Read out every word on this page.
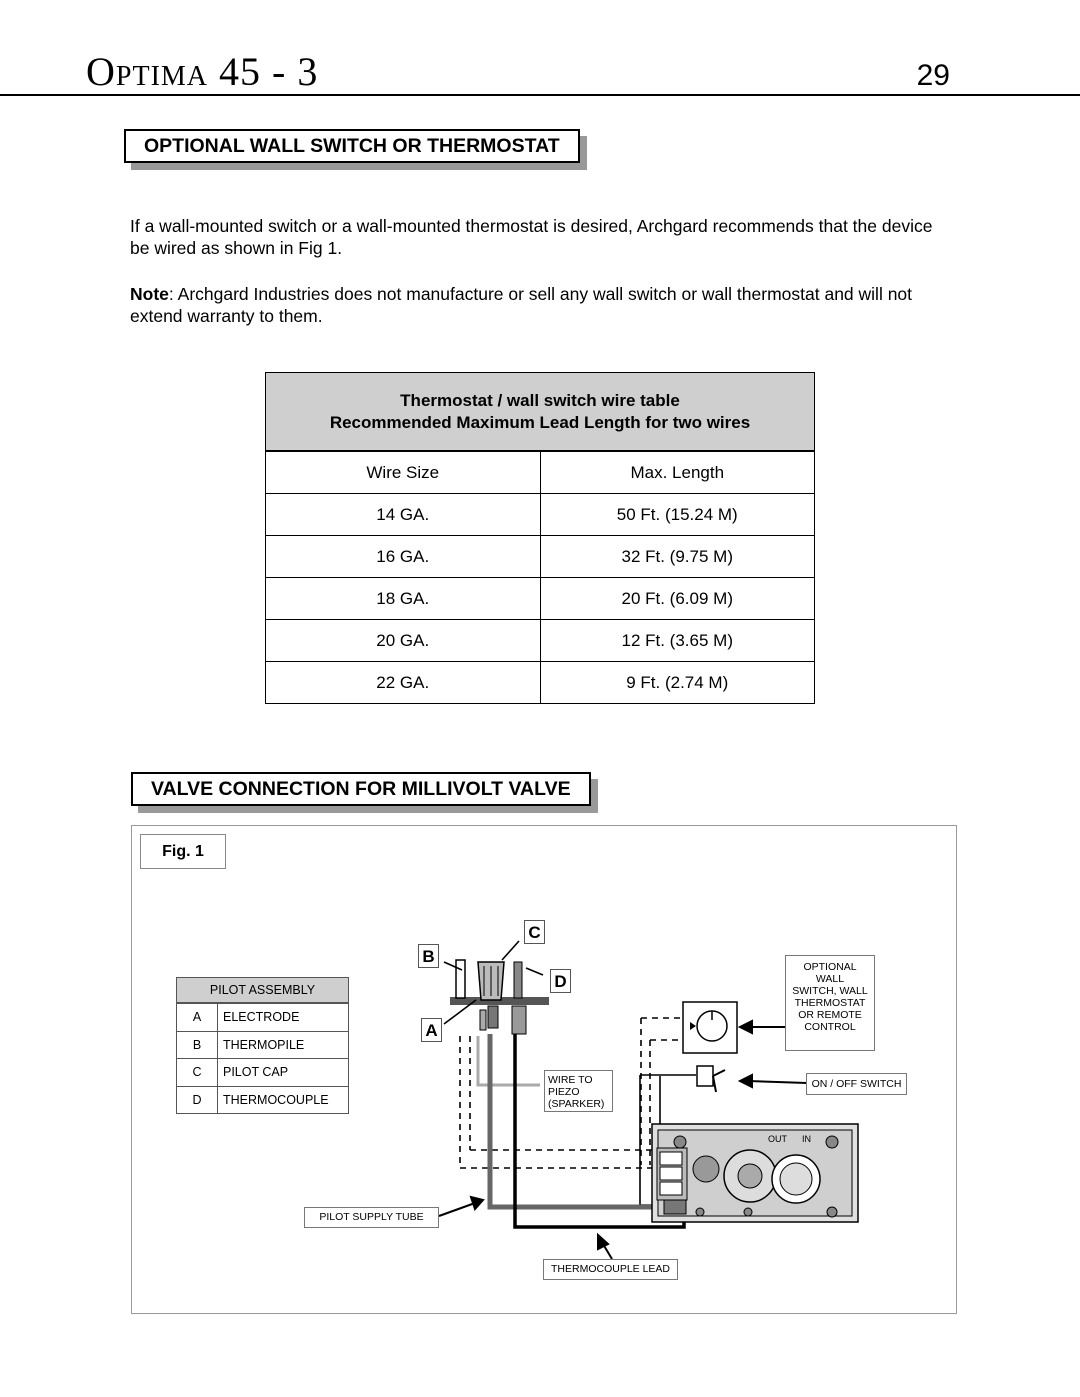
Optima 45 - 3	29
OPTIONAL WALL SWITCH OR THERMOSTAT
If a wall-mounted switch or a wall-mounted thermostat is desired, Archgard recommends that the device be wired as shown in Fig 1.
Note: Archgard Industries does not manufacture or sell any wall switch or wall thermostat and will not extend warranty to them.
Thermostat / wall switch wire table
Recommended Maximum Lead Length for two wires
Wire Size	Max. Length
14 GA.	50 Ft. (15.24 M)
16 GA.	32 Ft. (9.75 M)
18 GA.	20 Ft. (6.09 M)
20 GA.	12 Ft. (3.65 M)
22 GA.	9 Ft. (2.74 M)
VALVE CONNECTION FOR MILLIVOLT VALVE
Fig. 1
PILOT ASSEMBLY
A	ELECTRODE
B	THERMOPILE
C	PILOT CAP
D	THERMOCOUPLE
OUT IN
B
C
D
A
OPTIONAL
WALL
SWITCH, WALL
THERMOSTAT
OR REMOTE
CONTROL
ON / OFF SWITCH
WIRE TO
PIEZO
(SPARKER)
PILOT SUPPLY TUBE
THERMOCOUPLE LEAD
